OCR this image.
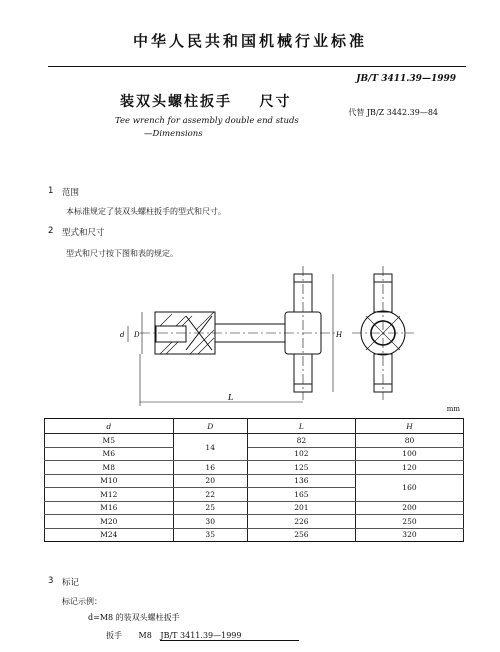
中华人民共和国机械行业标准
JB/T 3411.39—1999
装双头螺柱扳手    尺寸
代替 JB/Z 3442.39—84
Tee wrench for assembly double end studs
—Dimensions
1 范围
本标准规定了装双头螺柱扳手的型式和尺寸。
2 型式和尺寸
型式和尺寸按下图和表的规定。
L
d D	H
mm
d	D	L	H
M5	14	82	80
M6		102	100
M8	16	125	120
M10	20	136	160
M12	22	165	
M16	25	201	200
M20	30	226	250
M24	35	256	320
3 标记
标记示例：
d=M8 的装双头螺柱扳手
扳手 M8 JB/T 3411.39—1999
